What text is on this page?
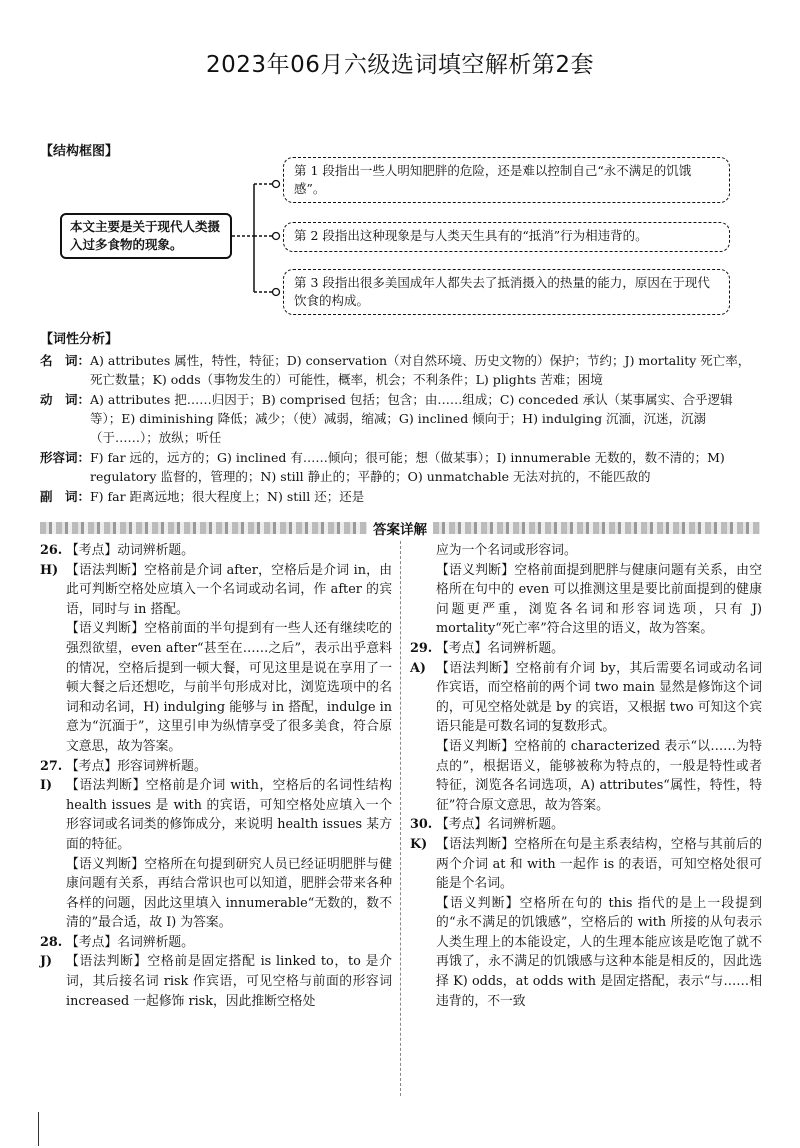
2023年06月六级选词填空解析第2套
【结构框图】
本文主要是关于现代人类摄入过多食物的现象。
第 1 段指出一些人明知肥胖的危险，还是难以控制自己“永不满足的饥饿感”。
第 2 段指出这种现象是与人类天生具有的“抵消”行为相违背的。
第 3 段指出很多美国成年人都失去了抵消摄入的热量的能力，原因在于现代饮食的构成。
【词性分析】
名　词： A) attributes 属性，特性，特征；D) conservation（对自然环境、历史文物的）保护；节约；J) mortality 死亡率，死亡数量；K) odds（事物发生的）可能性，概率，机会；不利条件；L) plights 苦难；困境
动　词： A) attributes 把……归因于；B) comprised 包括；包含；由……组成；C) conceded 承认（某事属实、合乎逻辑等）；E) diminishing 降低；减少；（使）减弱，缩减；G) inclined 倾向于；H) indulging 沉湎，沉迷，沉溺（于……）；放纵；听任
形容词： F) far 远的，远方的；G) inclined 有……倾向；很可能；想（做某事）；I) innumerable 无数的，数不清的；M) regulatory 监督的，管理的；N) still 静止的；平静的；O) unmatchable 无法对抗的，不能匹敌的
副　词： F) far 距离远地；很大程度上；N) still 还；还是
答案详解
26. 【考点】动词辨析题。
H) 【语法判断】空格前是介词 after，空格后是介词 in，由此可判断空格处应填入一个名词或动名词，作 after 的宾语，同时与 in 搭配。
【语义判断】空格前面的半句提到有一些人还有继续吃的强烈欲望，even after“甚至在……之后”，表示出乎意料的情况，空格后提到一顿大餐，可见这里是说在享用了一顿大餐之后还想吃，与前半句形成对比，浏览选项中的名词和动名词，H) indulging 能够与 in 搭配，indulge in 意为“沉湎于”，这里引申为纵情享受了很多美食，符合原文意思，故为答案。
27. 【考点】形容词辨析题。
I)	【语法判断】空格前是介词 with，空格后的名词性结构 health issues 是 with 的宾语，可知空格处应填入一个形容词或名词类的修饰成分，来说明 health issues 某方面的特征。
【语义判断】空格所在句提到研究人员已经证明肥胖与健康问题有关系，再结合常识也可以知道，肥胖会带来各种各样的问题，因此这里填入 innumerable“无数的，数不清的”最合适，故 I) 为答案。
28. 【考点】名词辨析题。
J)	【语法判断】空格前是固定搭配 is linked to，to 是介词，其后接名词 risk 作宾语，可见空格与前面的形容词 increased 一起修饰 risk，因此推断空格处
应为一个名词或形容词。
【语义判断】空格前面提到肥胖与健康问题有关系，由空格所在句中的 even 可以推测这里是要比前面提到的健康问题更严重，浏览各名词和形容词选项，只有 J) mortality“死亡率”符合这里的语义，故为答案。
29. 【考点】名词辨析题。
A) 【语法判断】空格前有介词 by，其后需要名词或动名词作宾语，而空格前的两个词 two main 显然是修饰这个词的，可见空格处就是 by 的宾语，又根据 two 可知这个宾语只能是可数名词的复数形式。
【语义判断】空格前的 characterized 表示“以……为特点的”，根据语义，能够被称为特点的，一般是特性或者特征，浏览各名词选项，A) attributes“属性，特性，特征”符合原文意思，故为答案。
30. 【考点】名词辨析题。
K) 【语法判断】空格所在句是主系表结构，空格与其前后的两个介词 at 和 with 一起作 is 的表语，可知空格处很可能是个名词。
【语义判断】空格所在句的 this 指代的是上一段提到的“永不满足的饥饿感”，空格后的 with 所接的从句表示人类生理上的本能设定，人的生理本能应该是吃饱了就不再饿了，永不满足的饥饿感与这种本能是相反的，因此选择 K) odds，at odds with 是固定搭配，表示“与……相违背的，不一致
